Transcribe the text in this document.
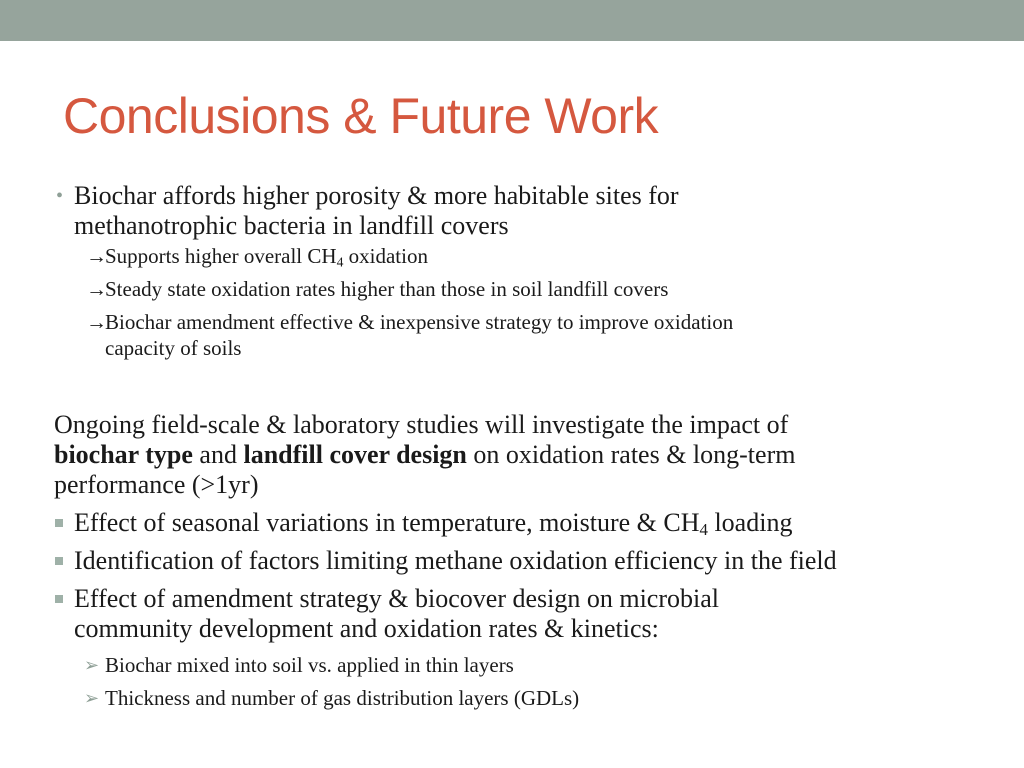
Conclusions & Future Work
• Biochar affords higher porosity & more habitable sites for
methanotrophic bacteria in landfill covers
→
Supports higher overall $CH_4$ oxidation
→
Steady state oxidation rates higher than those in soil landfill covers
→
Biochar amendment effective & inexpensive strategy to improve oxidation
capacity of soils
Ongoing field-scale & laboratory studies will investigate the impact of
biochar type and landfill cover design on oxidation rates & long-term
performance (>1yr)
Effect of seasonal variations in temperature, moisture & $CH_4$ loading
Identification of factors limiting methane oxidation efficiency in the field
Effect of amendment strategy & biocover design on microbial
community development and oxidation rates & kinetics:
➢ Biochar mixed into soil vs. applied in thin layers
➢ Thickness and number of gas distribution layers (GDLs)
